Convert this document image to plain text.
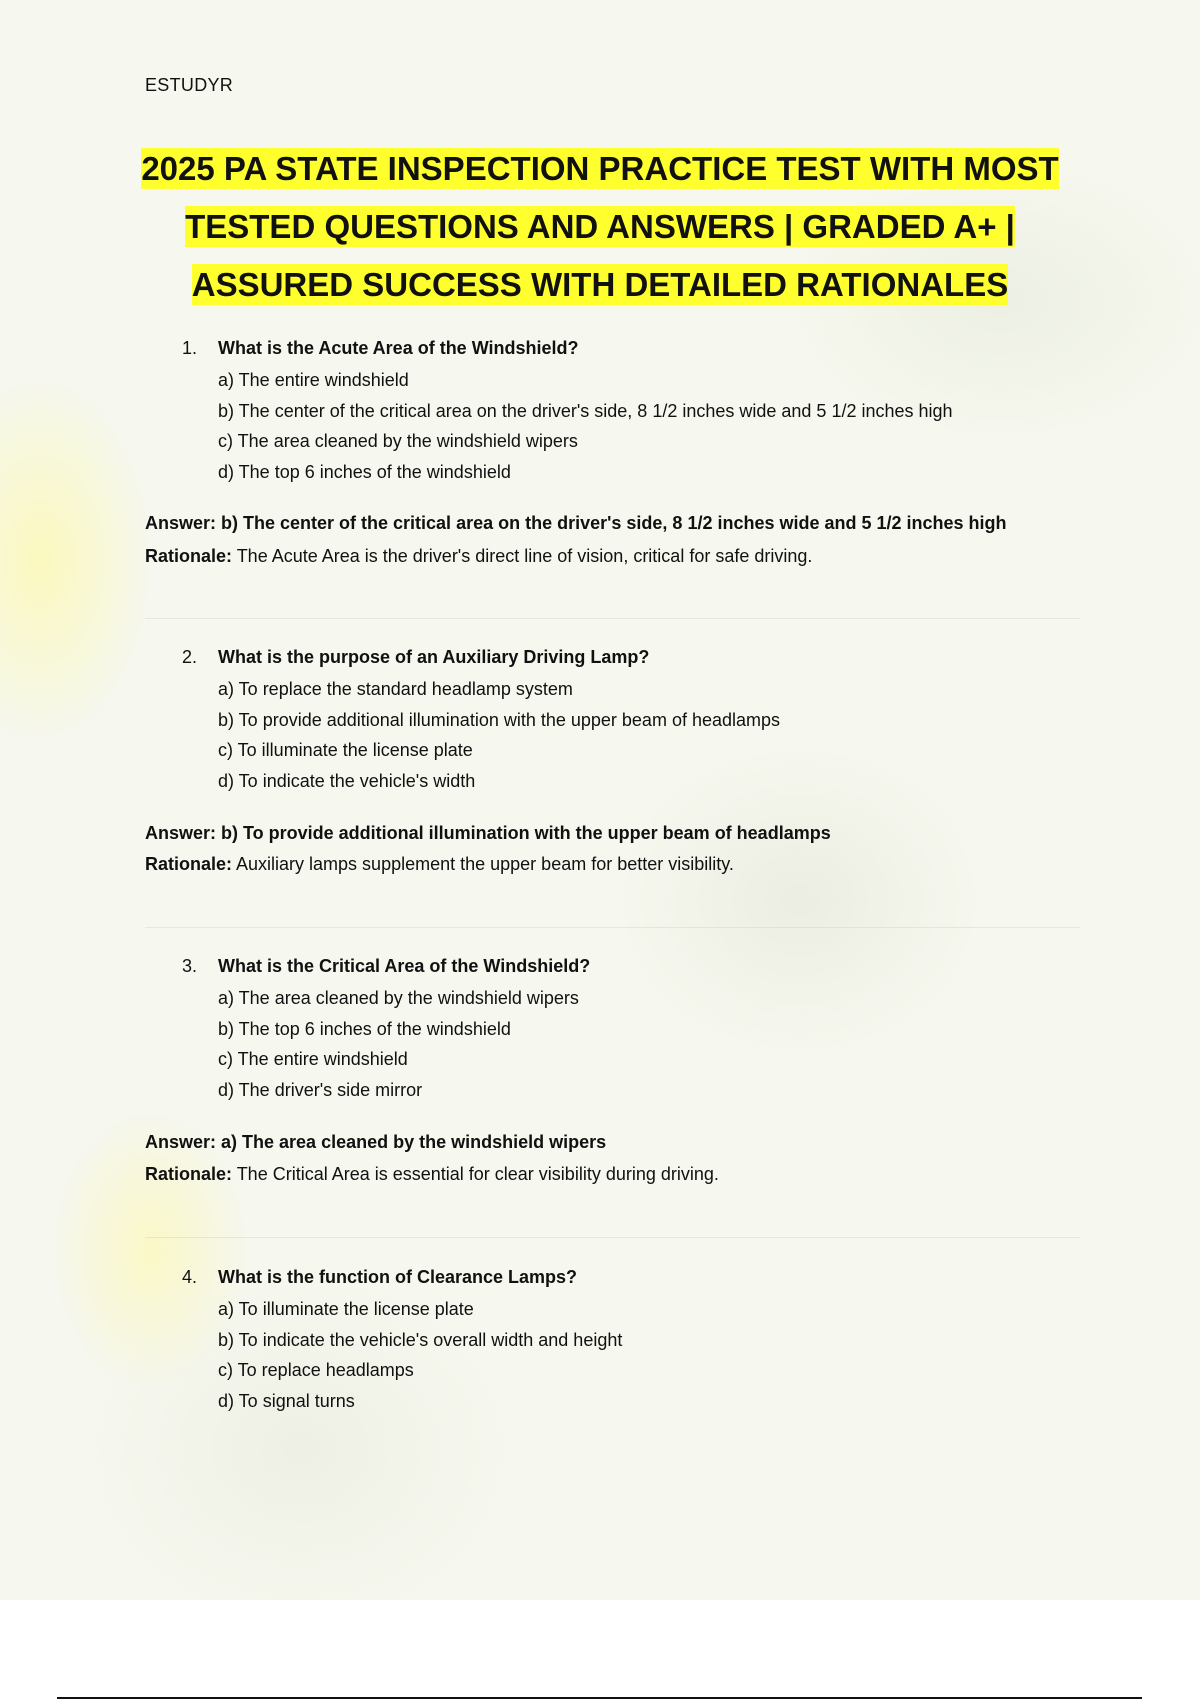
ESTUDYR
2025 PA STATE INSPECTION PRACTICE TEST WITH MOST
TESTED QUESTIONS AND ANSWERS | GRADED A+ |
ASSURED SUCCESS WITH DETAILED RATIONALES
1. What is the Acute Area of the Windshield?
a) The entire windshield
b) The center of the critical area on the driver's side, 8 1/2 inches wide and 5 1/2 inches high
c) The area cleaned by the windshield wipers
d) The top 6 inches of the windshield
Answer: b) The center of the critical area on the driver's side, 8 1/2 inches wide and 5 1/2 inches high
Rationale: The Acute Area is the driver's direct line of vision, critical for safe driving.
2. What is the purpose of an Auxiliary Driving Lamp?
a) To replace the standard headlamp system
b) To provide additional illumination with the upper beam of headlamps
c) To illuminate the license plate
d) To indicate the vehicle's width
Answer: b) To provide additional illumination with the upper beam of headlamps
Rationale: Auxiliary lamps supplement the upper beam for better visibility.
3. What is the Critical Area of the Windshield?
a) The area cleaned by the windshield wipers
b) The top 6 inches of the windshield
c) The entire windshield
d) The driver's side mirror
Answer: a) The area cleaned by the windshield wipers
Rationale: The Critical Area is essential for clear visibility during driving.
4. What is the function of Clearance Lamps?
a) To illuminate the license plate
b) To indicate the vehicle's overall width and height
c) To replace headlamps
d) To signal turns
